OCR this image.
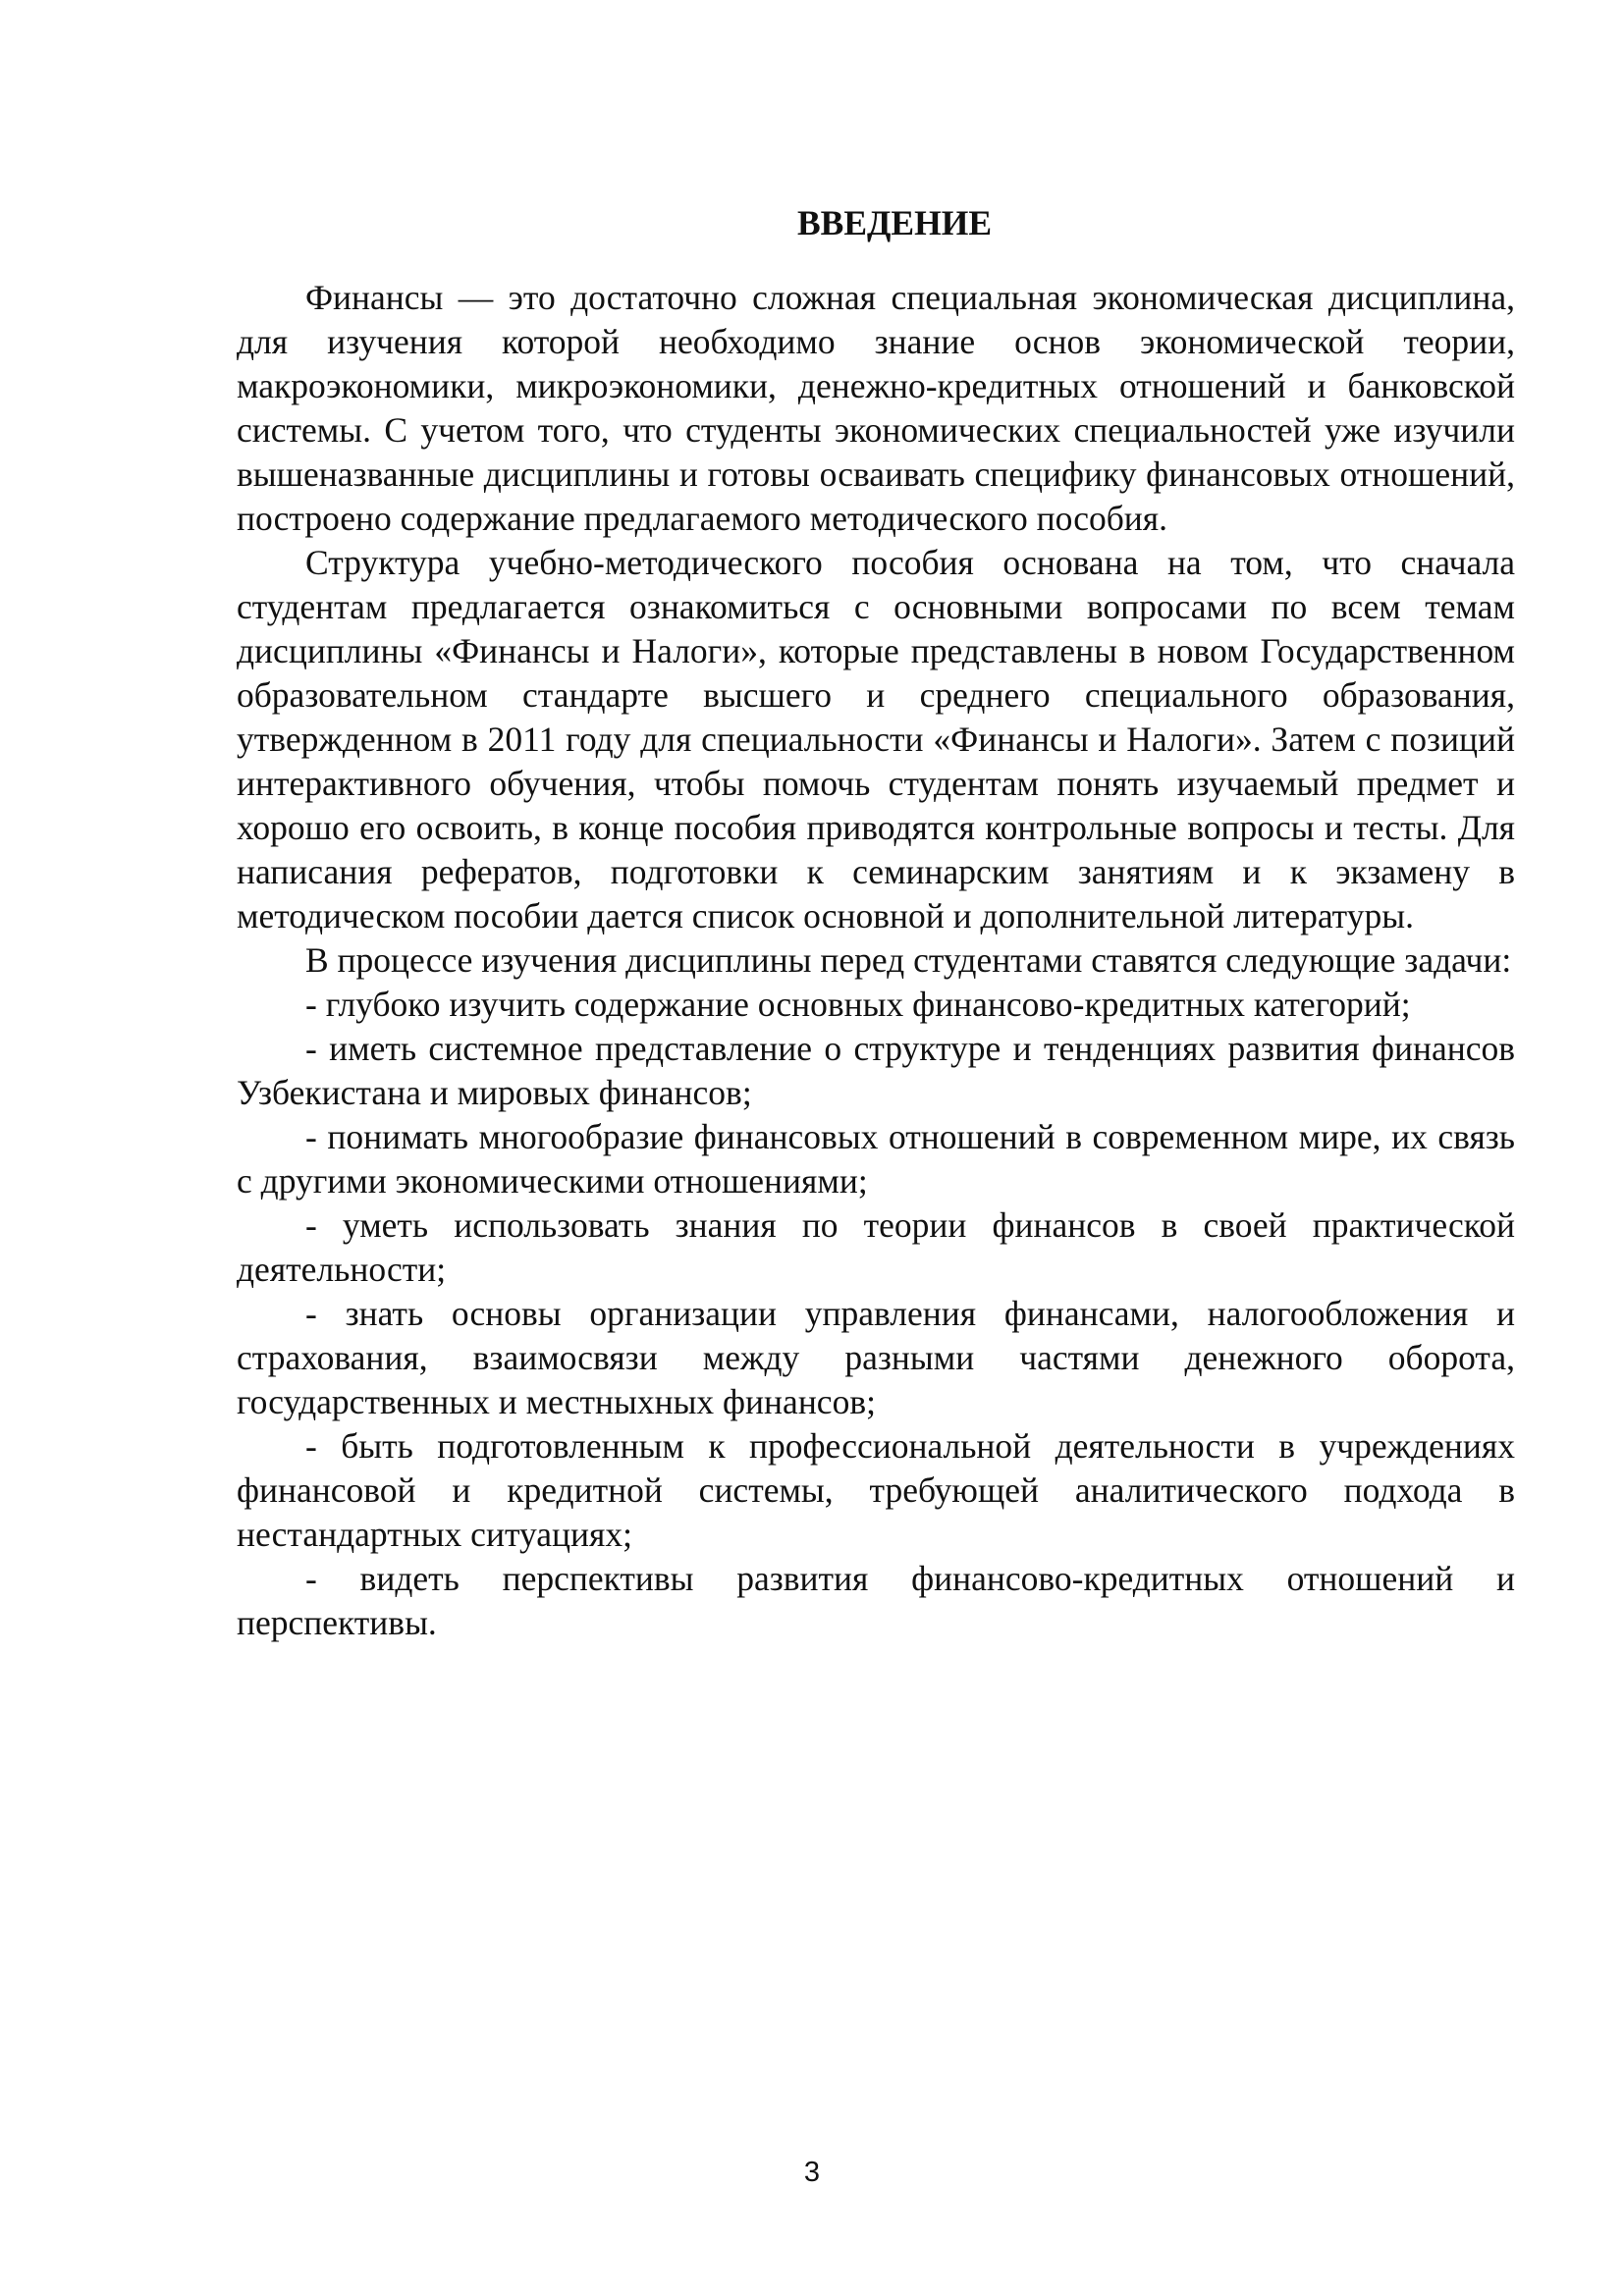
ВВЕДЕНИЕ

Финансы — это достаточно сложная специальная экономическая дисциплина, для изучения которой необходимо знание основ экономической теории, макроэкономики, микроэкономики, денежно-кредитных отношений и банковской системы. С учетом того, что студенты экономических специальностей уже изучили вышеназванные дисциплины и готовы осваивать специфику финансовых отношений, построено содержание предлагаемого методического пособия.

Структура учебно-методического пособия основана на том, что сначала студентам предлагается ознакомиться с основными вопросами по всем темам дисциплины «Финансы и Налоги», которые представлены в новом Государственном образовательном стандарте высшего и среднего специального образования, утвержденном в 2011 году для специальности «Финансы и Налоги». Затем с позиций интерактивного обучения, чтобы помочь студентам понять изучаемый предмет и хорошо его освоить, в конце пособия приводятся контрольные вопросы и тесты. Для написания рефератов, подготовки к семинарским занятиям и к экзамену в методическом пособии дается список основной и дополнительной литературы.

В процессе изучения дисциплины перед студентами ставятся следующие задачи:

- глубоко изучить содержание основных финансово-кредитных категорий;

- иметь системное представление о структуре и тенденциях развития финансов Узбекистана и мировых финансов;

- понимать многообразие финансовых отношений в современном мире, их связь с другими экономическими отношениями;

- уметь использовать знания по теории финансов в своей практической деятельности;

- знать основы организации управления финансами, налогообложения и страхования, взаимосвязи между разными частями денежного оборота, государственных и местныхных финансов;

- быть подготовленным к профессиональной деятельности в учреждениях финансовой и кредитной системы, требующей аналитического подхода в нестандартных ситуациях;

- видеть перспективы развития финансово-кредитных отношений и перспективы.

3
